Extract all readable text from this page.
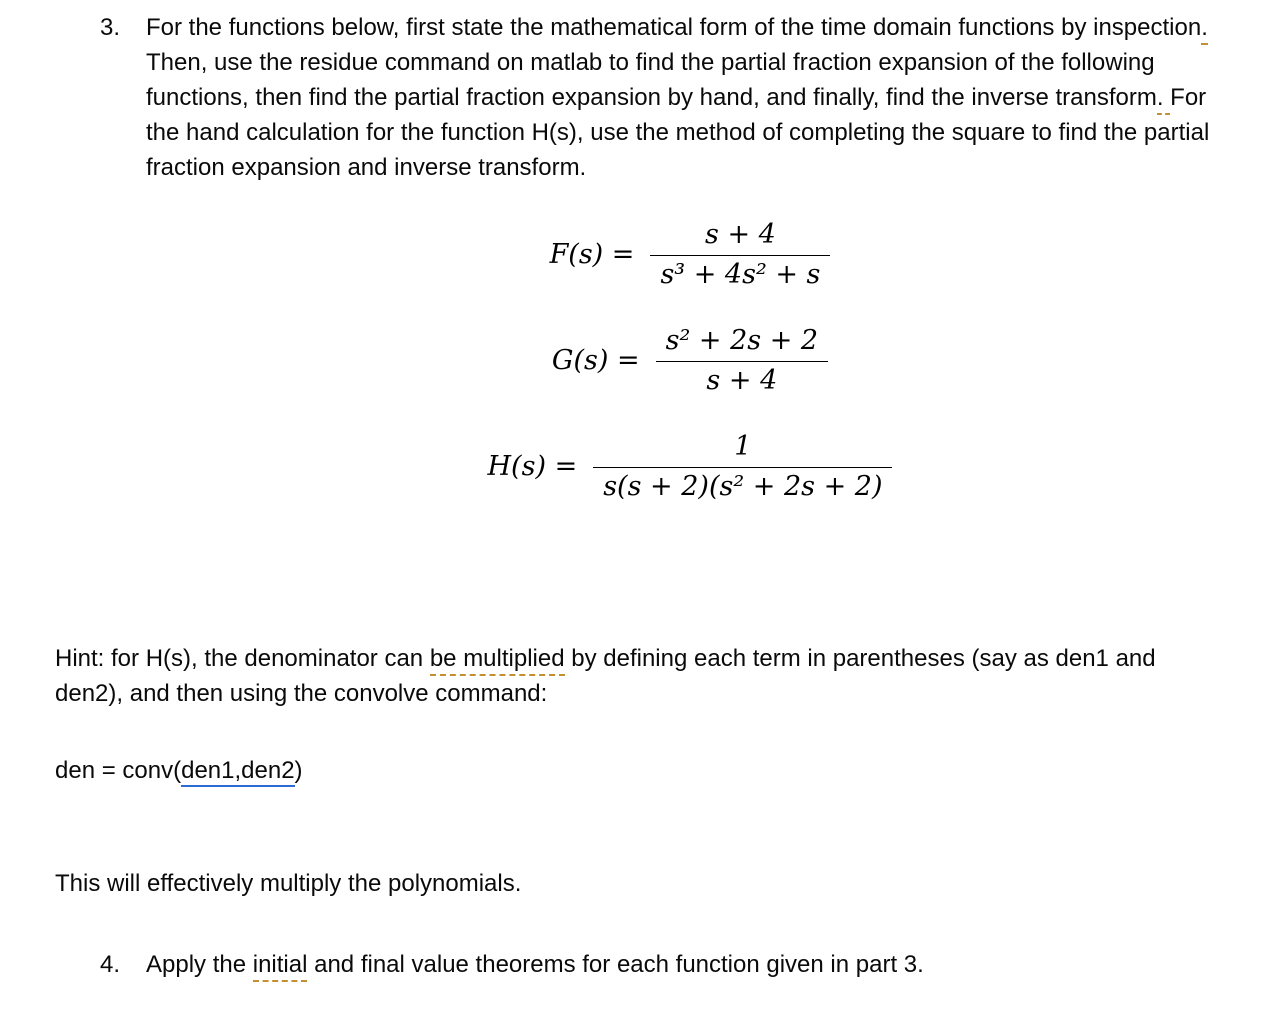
3.	For the functions below, first state the mathematical form of the time domain functions by inspection. Then, use the residue command on matlab to find the partial fraction expansion of the following functions, then find the partial fraction expansion by hand, and finally, find the inverse transform. For the hand calculation for the function H(s), use the method of completing the square to find the partial fraction expansion and inverse transform.
$F(s) = \frac{s + 4}{\text{s³ + 4s² + s}}$
$G(s) = \frac{\text{s² + 2s + 2}}{s + 4}$
$H(s) = \frac{1}{\text{s(s + 2)(s² + 2s + 2)}}$
Hint: for H(s), the denominator can be multiplied by defining each term in parentheses (say as den1 and den2), and then using the convolve command:
den = conv(den1,den2)
This will effectively multiply the polynomials.
4.	Apply the initial and final value theorems for each function given in part 3.
